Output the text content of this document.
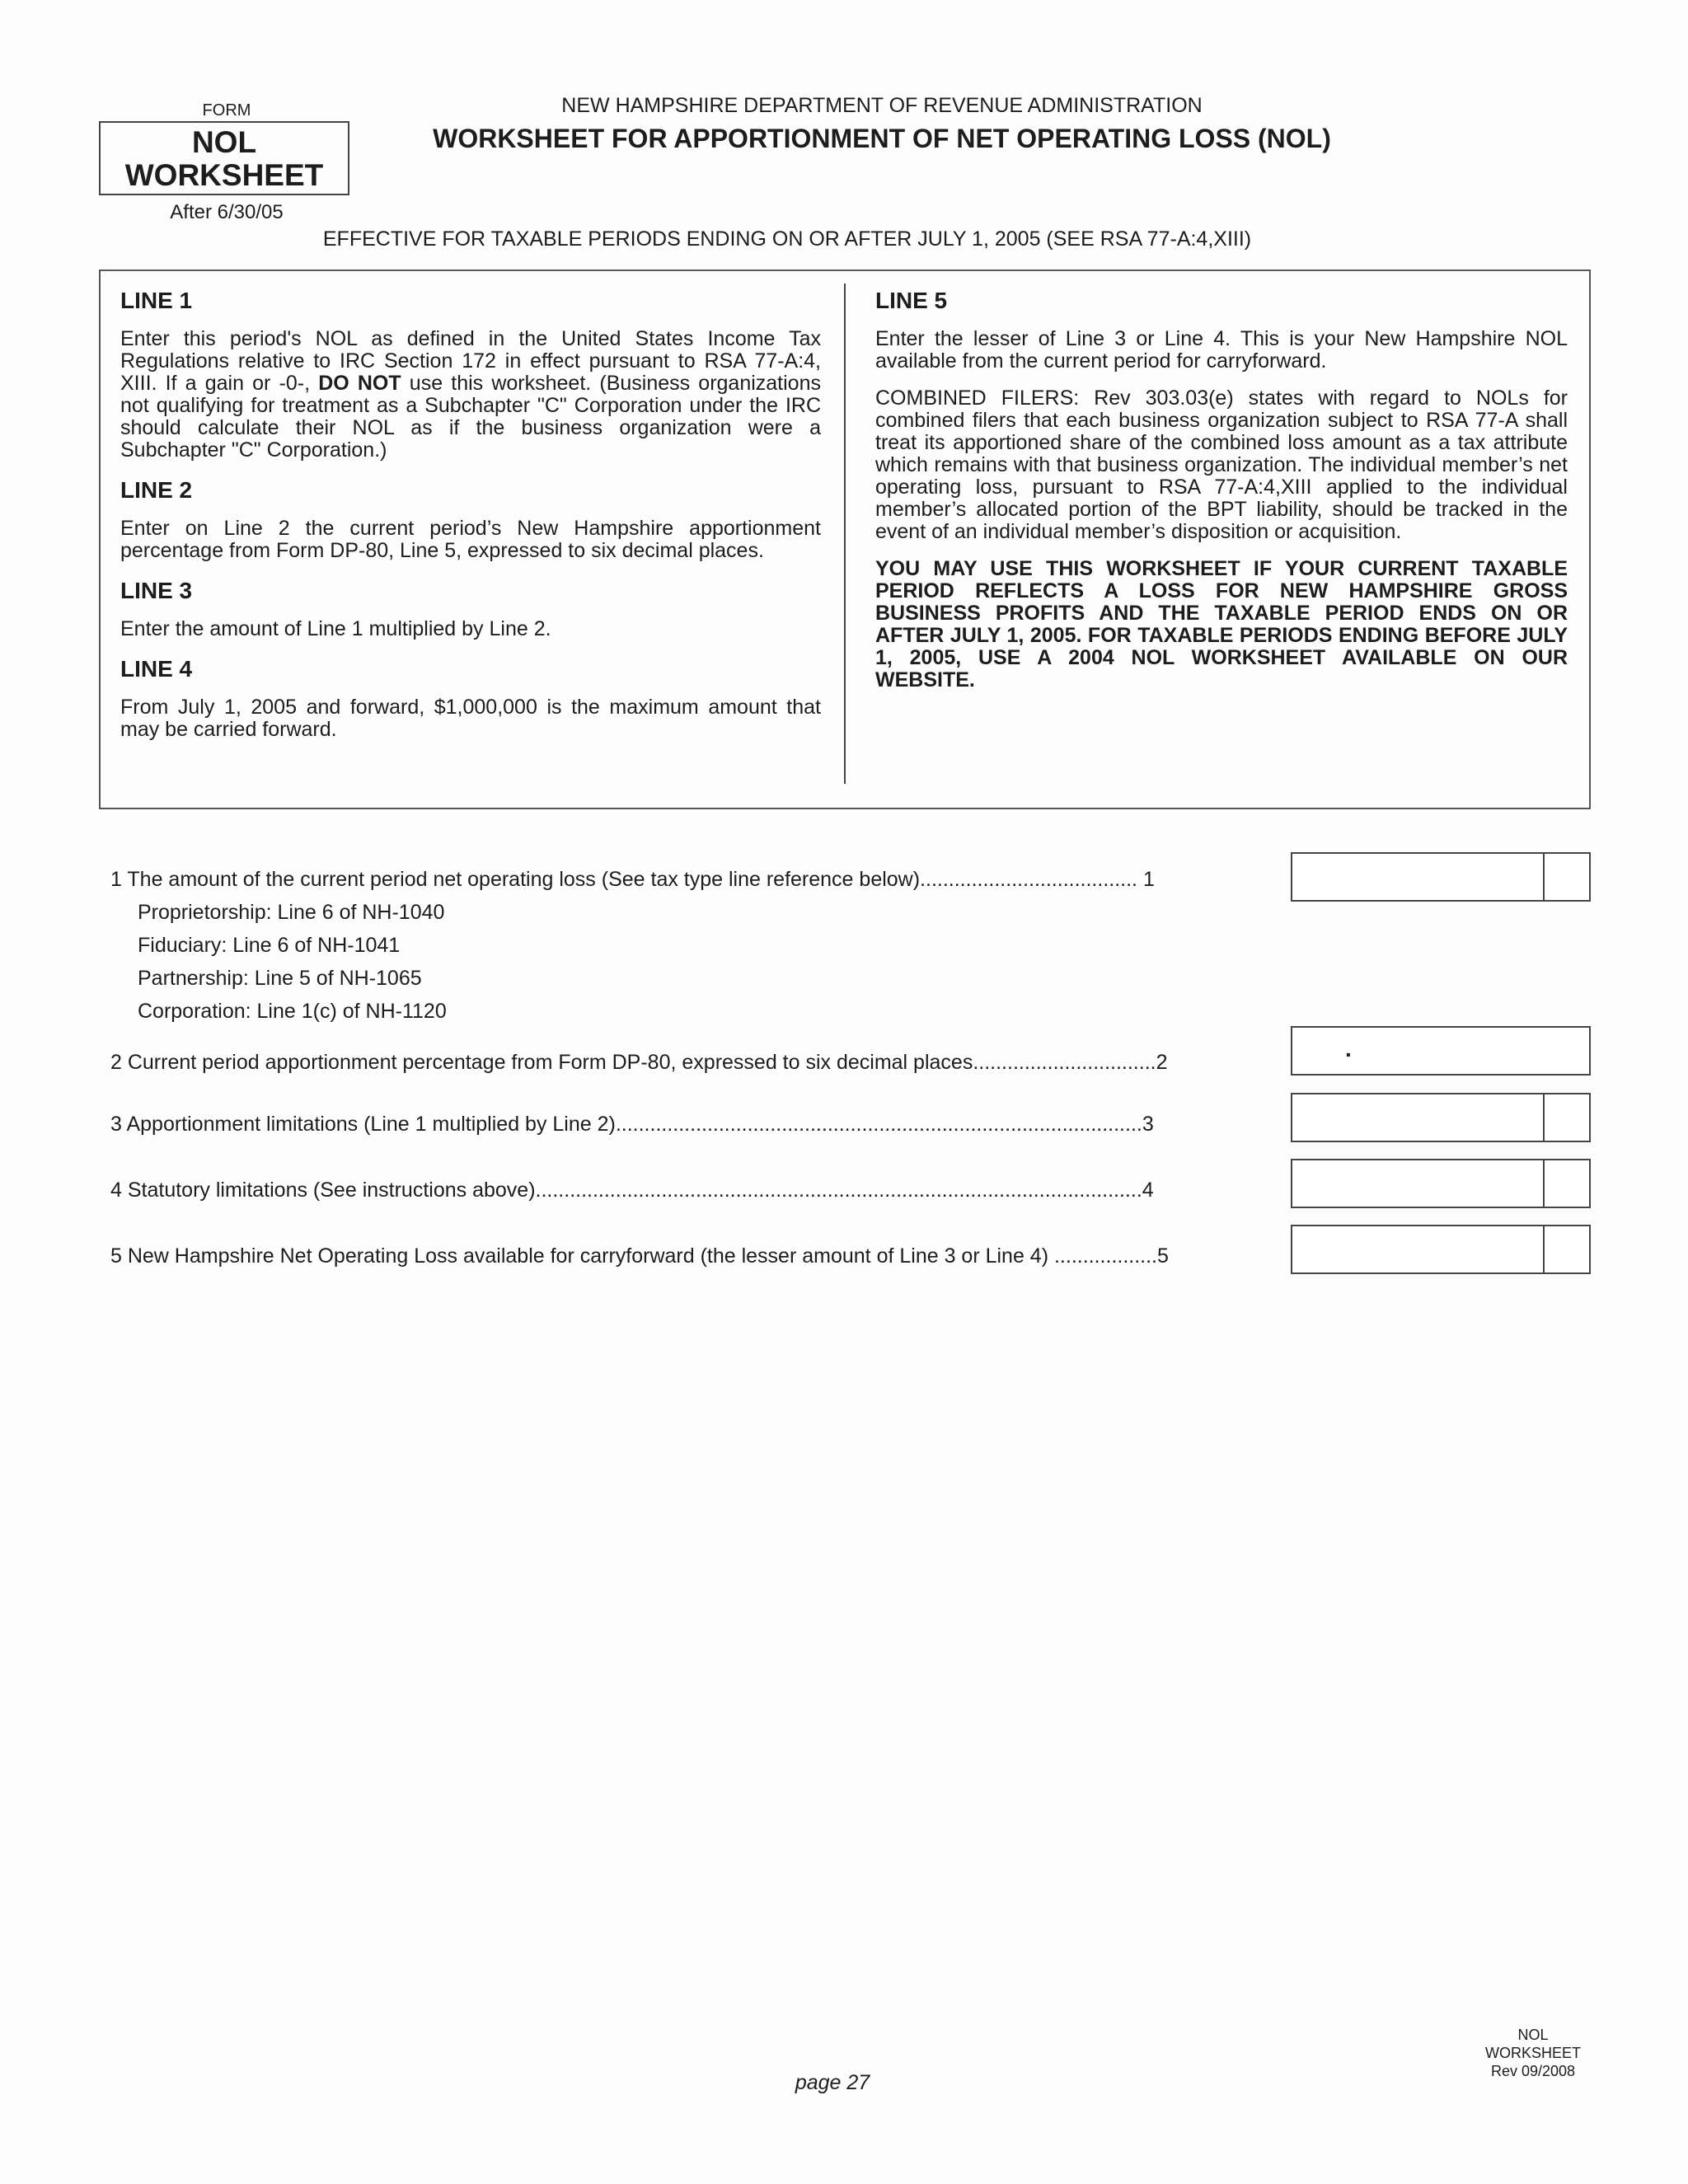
FORM
NOL
WORKSHEET
After 6/30/05
NEW HAMPSHIRE DEPARTMENT OF REVENUE ADMINISTRATION
WORKSHEET FOR APPORTIONMENT OF NET OPERATING LOSS (NOL)
EFFECTIVE FOR TAXABLE PERIODS ENDING ON OR AFTER JULY 1, 2005 (SEE RSA 77-A:4,XIII)
LINE 1

Enter this period's NOL as defined in the United States Income Tax Regulations relative to IRC Section 172 in effect pursuant to RSA 77-A:4, XIII. If a gain or -0-, DO NOT use this worksheet. (Business organizations not qualifying for treatment as a Subchapter "C" Corporation under the IRC should calculate their NOL as if the business organization were a Subchapter "C" Corporation.)

LINE 2

Enter on Line 2 the current period’s New Hampshire apportionment percentage from Form DP-80, Line 5, expressed to six decimal places.

LINE 3

Enter the amount of Line 1 multiplied by Line 2.

LINE 4

From July 1, 2005 and forward, $1,000,000 is the maximum amount that may be carried forward.

LINE 5

Enter the lesser of Line 3 or Line 4. This is your New Hampshire NOL available from the current period for carryforward.

COMBINED FILERS: Rev 303.03(e) states with regard to NOLs for combined filers that each business organization subject to RSA 77-A shall treat its apportioned share of the combined loss amount as a tax attribute which remains with that business organization. The individual member’s net operating loss, pursuant to RSA 77-A:4,XIII applied to the individual member’s allocated portion of the BPT liability, should be tracked in the event of an individual member’s disposition or acquisition.

YOU MAY USE THIS WORKSHEET IF YOUR CURRENT TAXABLE PERIOD REFLECTS A LOSS FOR NEW HAMPSHIRE GROSS BUSINESS PROFITS AND THE TAXABLE PERIOD ENDS ON OR AFTER JULY 1, 2005. FOR TAXABLE PERIODS ENDING BEFORE JULY 1, 2005, USE A 2004 NOL WORKSHEET AVAILABLE ON OUR WEBSITE.

1 The amount of the current period net operating loss (See tax type line reference below)...................................... 1
Proprietorship: Line 6 of NH-1040
Fiduciary: Line 6 of NH-1041
Partnership: Line 5 of NH-1065
Corporation: Line 1(c) of NH-1120
2 Current period apportionment percentage from Form DP-80, expressed to six decimal places................................2
.
3 Apportionment limitations (Line 1 multiplied by Line 2)............................................................................................3
4 Statutory limitations (See instructions above)..........................................................................................................4
5 New Hampshire Net Operating Loss available for carryforward (the lesser amount of Line 3 or Line 4) ..................5
page 27
NOL
WORKSHEET
Rev 09/2008
